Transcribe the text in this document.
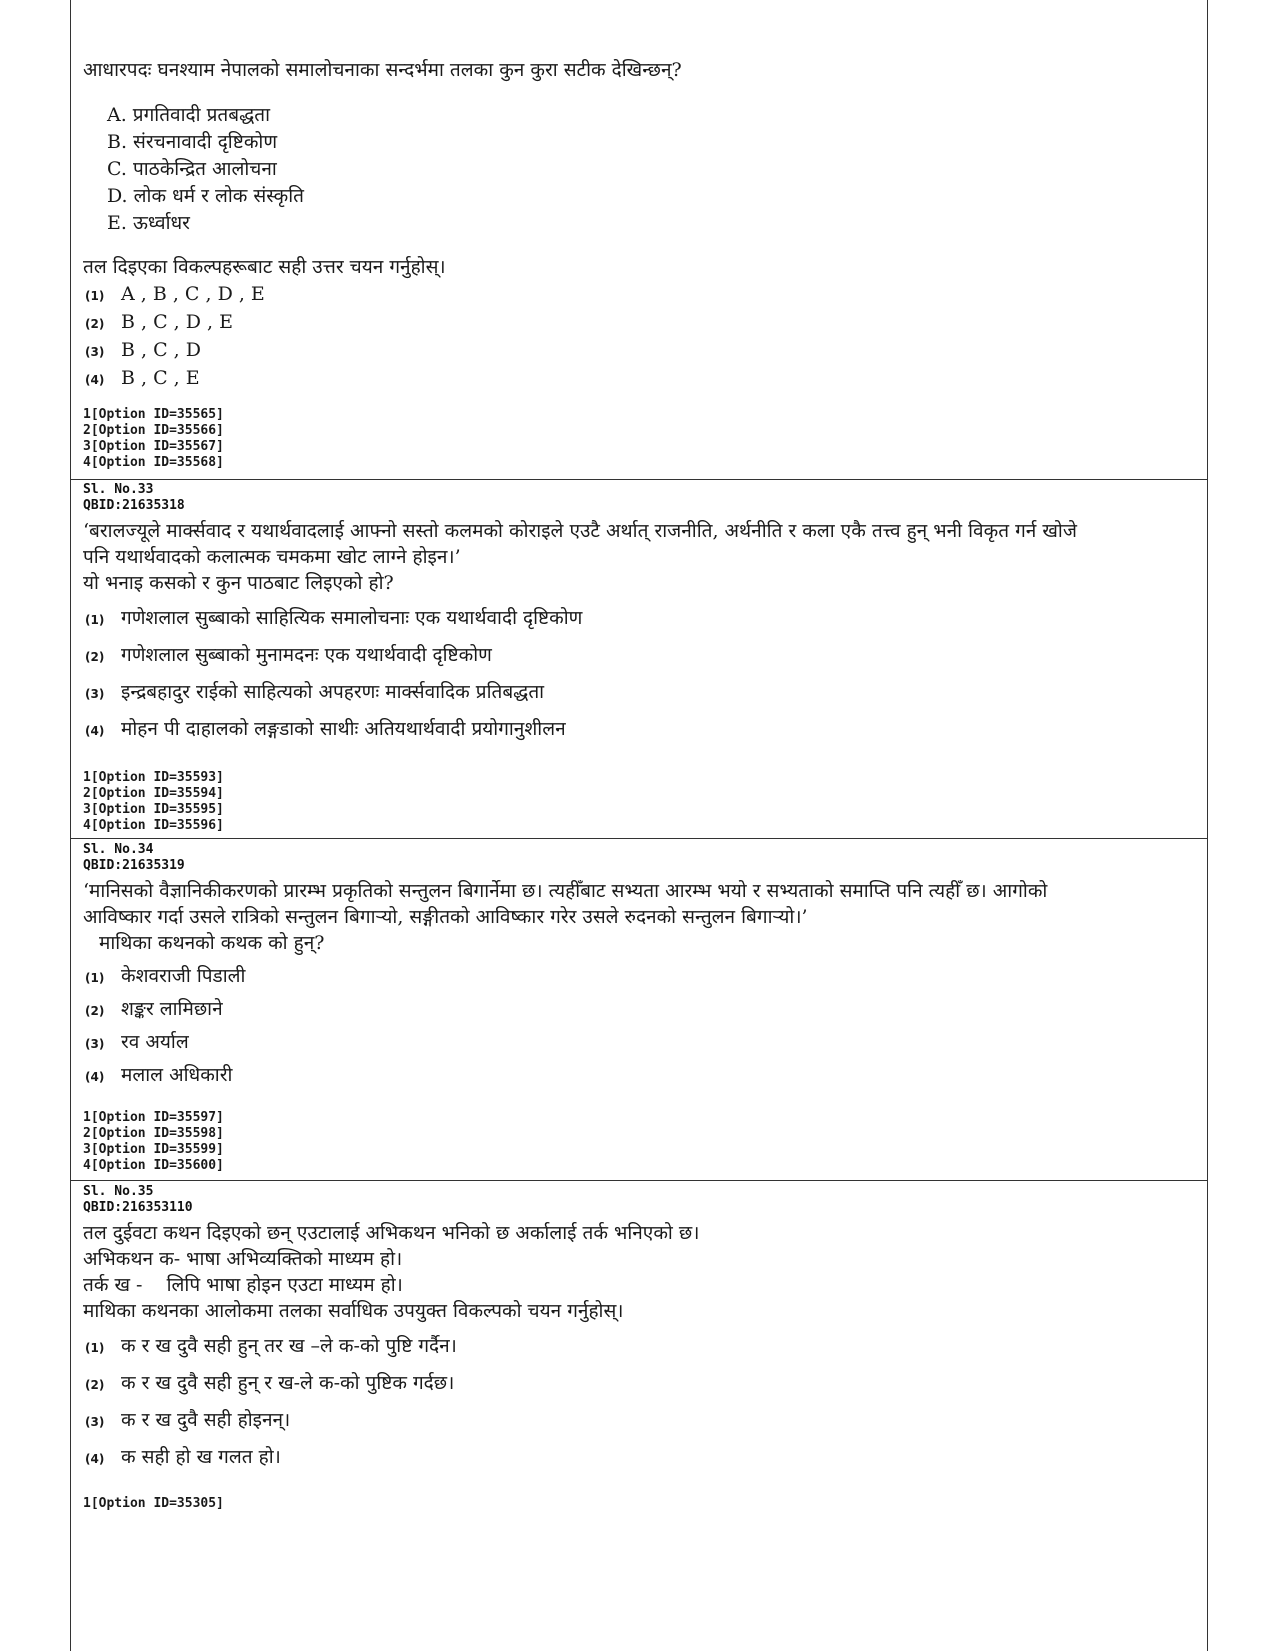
आधारपदः घनश्याम नेपालको समालोचनाका सन्दर्भमा तलका कुन कुरा सटीक देखिन्छन्?
A. प्रगतिवादी प्रतबद्धता
B. संरचनावादी दृष्टिकोण
C. पाठकेन्द्रित आलोचना
D. लोक धर्म र लोक संस्कृति
E. ऊर्ध्वाधर
तल दिइएका विकल्पहरूबाट सही उत्तर चयन गर्नुहोस्।
(1) A , B , C , D , E
(2) B , C , D , E
(3) B , C , D
(4) B , C , E
1[Option ID=35565]
2[Option ID=35566]
3[Option ID=35567]
4[Option ID=35568]
Sl. No.33
QBID:21635318
‘बरालज्यूले मार्क्सवाद र यथार्थवादलाई आफ्नो सस्तो कलमको कोराइले एउटै अर्थात् राजनीति, अर्थनीति र कला एकै तत्त्व हुन् भनी विकृत गर्न खोजे
पनि यथार्थवादको कलात्मक चमकमा खोट लाग्ने होइन।’
यो भनाइ कसको र कुन पाठबाट लिइएको हो?
(1) गणेशलाल सुब्बाको साहित्यिक समालोचनाः एक यथार्थवादी दृष्टिकोण
(2) गणेशलाल सुब्बाको मुनामदनः एक यथार्थवादी दृष्टिकोण
(3) इन्द्रबहादुर राईको साहित्यको अपहरणः मार्क्सवादिक प्रतिबद्धता
(4) मोहन पी दाहालको लङ्गडाको साथीः अतियथार्थवादी प्रयोगानुशीलन
1[Option ID=35593]
2[Option ID=35594]
3[Option ID=35595]
4[Option ID=35596]
Sl. No.34
QBID:21635319
‘मानिसको वैज्ञानिकीकरणको प्रारम्भ प्रकृतिको सन्तुलन बिगार्नेमा छ। त्यहीँबाट सभ्यता आरम्भ भयो र सभ्यताको समाप्ति पनि त्यहीँ छ। आगोको
आविष्कार गर्दा उसले रात्रिको सन्तुलन बिगार्‍यो, सङ्गीतको आविष्कार गरेर उसले रुदनको सन्तुलन बिगार्‍यो।’
माथिका कथनको कथक को हुन्?
(1) केशवराजी पिडाली
(2) शङ्कर लामिछाने
(3) रव अर्याल
(4) मलाल अधिकारी
1[Option ID=35597]
2[Option ID=35598]
3[Option ID=35599]
4[Option ID=35600]
Sl. No.35
QBID:216353110
तल दुईवटा कथन दिइएको छन् एउटालाई अभिकथन भनिको छ अर्कालाई तर्क भनिएको छ।
अभिकथन क- भाषा अभिव्यक्तिको माध्यम हो।
तर्क ख -    लिपि भाषा होइन एउटा माध्यम हो।
माथिका कथनका आलोकमा तलका सर्वाधिक उपयुक्त विकल्पको चयन गर्नुहोस्।
(1) क र ख दुवै सही हुन् तर ख –ले क-को पुष्टि गर्दैन।
(2) क र ख दुवै सही हुन् र ख-ले क-को पुष्टिक गर्दछ।
(3) क र ख दुवै सही होइनन्।
(4) क सही हो ख गलत हो।
1[Option ID=35305]
